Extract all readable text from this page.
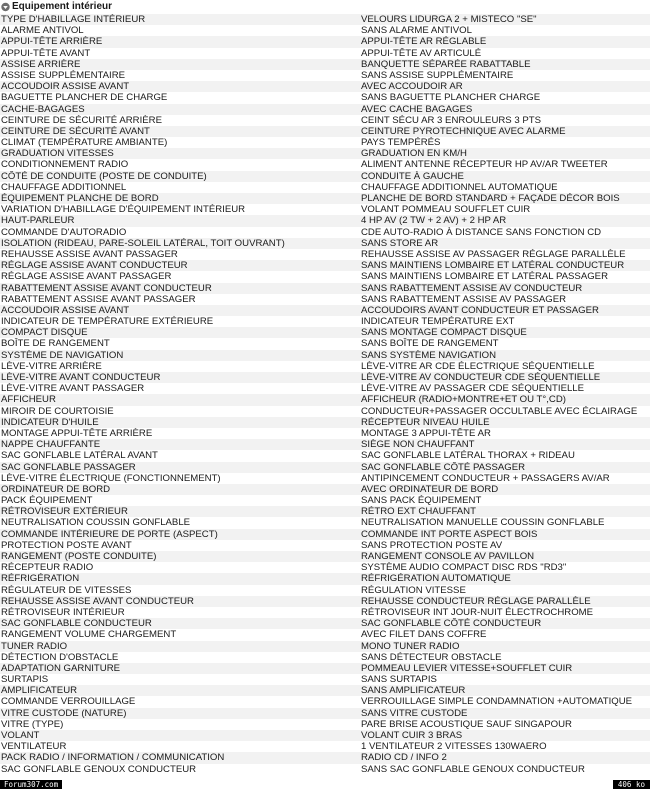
Equipement intérieur
TYPE D'HABILLAGE INTÉRIEUR	VELOURS LIDURGA 2 + MISTECO "SE"
ALARME ANTIVOL	SANS ALARME ANTIVOL
APPUI-TÊTE ARRIÈRE	APPUI-TÊTE AR RÉGLABLE
APPUI-TÊTE AVANT	APPUI-TÊTE AV ARTICULÉ
ASSISE ARRIÈRE	BANQUETTE SÉPARÉE RABATTABLE
ASSISE SUPPLÉMENTAIRE	SANS ASSISE SUPPLÉMENTAIRE
ACCOUDOIR ASSISE AVANT	AVEC ACCOUDOIR AR
BAGUETTE PLANCHER DE CHARGE	SANS BAGUETTE PLANCHER CHARGE
CACHE-BAGAGES	AVEC CACHE BAGAGES
CEINTURE DE SÉCURITÉ ARRIÈRE	CEINT SÉCU AR 3 ENROULEURS 3 PTS
CEINTURE DE SÉCURITÉ AVANT	CEINTURE PYROTECHNIQUE AVEC ALARME
CLIMAT (TEMPÉRATURE AMBIANTE)	PAYS TEMPÉRÉS
GRADUATION VITESSES	GRADUATION EN KM/H
CONDITIONNEMENT RADIO	ALIMENT ANTENNE RÉCEPTEUR HP AV/AR TWEETER
CÔTÉ DE CONDUITE (POSTE DE CONDUITE)	CONDUITE À GAUCHE
CHAUFFAGE ADDITIONNEL	CHAUFFAGE ADDITIONNEL AUTOMATIQUE
ÉQUIPEMENT PLANCHE DE BORD	PLANCHE DE BORD STANDARD + FAÇADE DÉCOR BOIS
VARIATION D'HABILLAGE D'ÉQUIPEMENT INTÉRIEUR	VOLANT POMMEAU SOUFFLET CUIR
HAUT-PARLEUR	4 HP AV (2 TW + 2 AV) + 2 HP AR
COMMANDE D'AUTORADIO	CDE AUTO-RADIO À DISTANCE SANS FONCTION CD
ISOLATION (RIDEAU, PARE-SOLEIL LATÉRAL, TOIT OUVRANT)	SANS STORE AR
REHAUSSE ASSISE AVANT PASSAGER	REHAUSSE ASSISE AV PASSAGER RÉGLAGE PARALLÈLE
RÉGLAGE ASSISE AVANT CONDUCTEUR	SANS MAINTIENS LOMBAIRE ET LATÉRAL CONDUCTEUR
RÉGLAGE ASSISE AVANT PASSAGER	SANS MAINTIENS LOMBAIRE ET LATÉRAL PASSAGER
RABATTEMENT ASSISE AVANT CONDUCTEUR	SANS RABATTEMENT ASSISE AV CONDUCTEUR
RABATTEMENT ASSISE AVANT PASSAGER	SANS RABATTEMENT ASSISE AV PASSAGER
ACCOUDOIR ASSISE AVANT	ACCOUDOIRS AVANT CONDUCTEUR ET PASSAGER
INDICATEUR DE TEMPÉRATURE EXTÉRIEURE	INDICATEUR TEMPÉRATURE EXT
COMPACT DISQUE	SANS MONTAGE COMPACT DISQUE
BOÎTE DE RANGEMENT	SANS BOÎTE DE RANGEMENT
SYSTÈME DE NAVIGATION	SANS SYSTÈME NAVIGATION
LÈVE-VITRE ARRIÈRE	LÈVE-VITRE AR CDE ÉLECTRIQUE SÉQUENTIELLE
LÈVE-VITRE AVANT CONDUCTEUR	LÈVE-VITRE AV CONDUCTEUR CDE SÉQUENTIELLE
LÈVE-VITRE AVANT PASSAGER	LÈVE-VITRE AV PASSAGER CDE SÉQUENTIELLE
AFFICHEUR	AFFICHEUR (RADIO+MONTRE+ET OU T°,CD)
MIROIR DE COURTOISIE	CONDUCTEUR+PASSAGER OCCULTABLE AVEC ÉCLAIRAGE
INDICATEUR D'HUILE	RÉCEPTEUR NIVEAU HUILE
MONTAGE APPUI-TÊTE ARRIÈRE	MONTAGE 3 APPUI-TÊTE AR
NAPPE CHAUFFANTE	SIÈGE NON CHAUFFANT
SAC GONFLABLE LATÉRAL AVANT	SAC GONFLABLE LATÉRAL THORAX + RIDEAU
SAC GONFLABLE PASSAGER	SAC GONFLABLE CÔTÉ PASSAGER
LÈVE-VITRE ÉLECTRIQUE (FONCTIONNEMENT)	ANTIPINCEMENT CONDUCTEUR + PASSAGERS AV/AR
ORDINATEUR DE BORD	AVEC ORDINATEUR DE BORD
PACK ÉQUIPEMENT	SANS PACK ÉQUIPEMENT
RÉTROVISEUR EXTÉRIEUR	RÉTRO EXT CHAUFFANT
NEUTRALISATION COUSSIN GONFLABLE	NEUTRALISATION MANUELLE COUSSIN GONFLABLE
COMMANDE INTÉRIEURE DE PORTE (ASPECT)	COMMANDE INT PORTE ASPECT BOIS
PROTECTION POSTE AVANT	SANS PROTECTION POSTE AV
RANGEMENT (POSTE CONDUITE)	RANGEMENT CONSOLE AV PAVILLON
RÉCEPTEUR RADIO	SYSTÈME AUDIO COMPACT DISC RDS "RD3"
RÉFRIGÉRATION	RÉFRIGÉRATION AUTOMATIQUE
RÉGULATEUR DE VITESSES	RÉGULATION VITESSE
REHAUSSE ASSISE AVANT CONDUCTEUR	REHAUSSE CONDUCTEUR RÉGLAGE PARALLÈLE
RÉTROVISEUR INTÉRIEUR	RÉTROVISEUR INT JOUR-NUIT ÉLECTROCHROME
SAC GONFLABLE CONDUCTEUR	SAC GONFLABLE CÔTÉ CONDUCTEUR
RANGEMENT VOLUME CHARGEMENT	AVEC FILET DANS COFFRE
TUNER RADIO	MONO TUNER RADIO
DÉTECTION D'OBSTACLE	SANS DÉTECTEUR OBSTACLE
ADAPTATION GARNITURE	POMMEAU LEVIER VITESSE+SOUFFLET CUIR
SURTAPIS	SANS SURTAPIS
AMPLIFICATEUR	SANS AMPLIFICATEUR
COMMANDE VERROUILLAGE	VERROUILLAGE SIMPLE CONDAMNATION +AUTOMATIQUE
VITRE CUSTODE (NATURE)	SANS VITRE CUSTODE
VITRE (TYPE)	PARE BRISE ACOUSTIQUE SAUF SINGAPOUR
VOLANT	VOLANT CUIR 3 BRAS
VENTILATEUR	1 VENTILATEUR 2 VITESSES 130WAERO
PACK RADIO / INFORMATION / COMMUNICATION	RADIO CD / INFO 2
SAC GONFLABLE GENOUX CONDUCTEUR	SANS SAC GONFLABLE GENOUX CONDUCTEUR
Forum307.com	406 ko
